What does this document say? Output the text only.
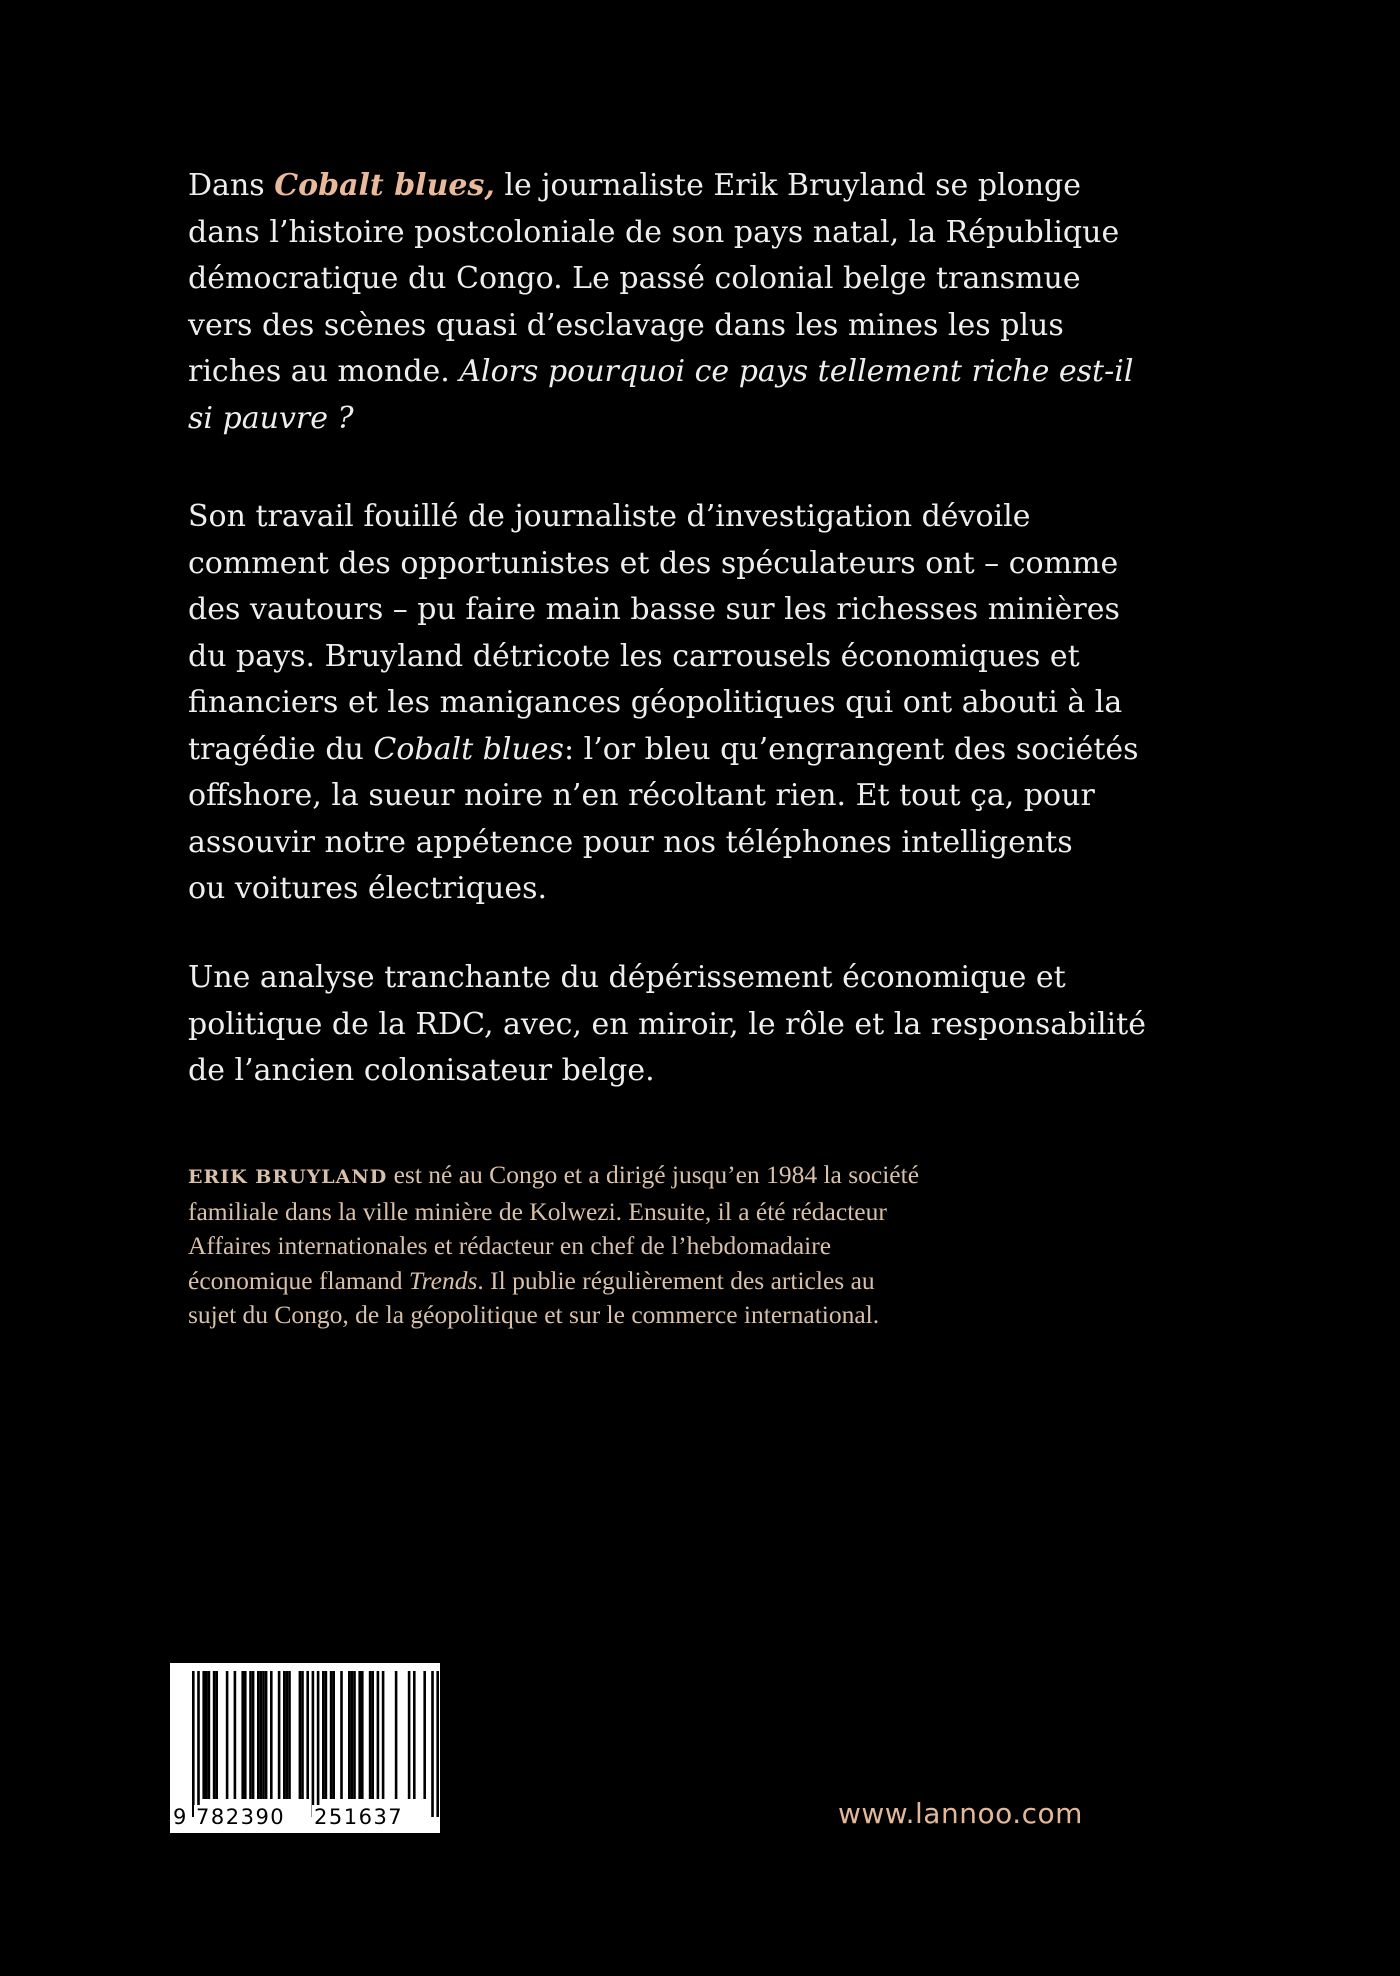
Dans Cobalt blues, le journaliste Erik Bruyland se plonge
dans l’histoire postcoloniale de son pays natal, la République
démocratique du Congo. Le passé colonial belge transmue
vers des scènes quasi d’esclavage dans les mines les plus
riches au monde. Alors pourquoi ce pays tellement riche est-il
si pauvre ?
Son travail fouillé de journaliste d’investigation dévoile
comment des opportunistes et des spéculateurs ont – comme
des vautours – pu faire main basse sur les richesses minières
du pays. Bruyland détricote les carrousels économiques et
financiers et les manigances géopolitiques qui ont abouti à la
tragédie du Cobalt blues: l’or bleu qu’engrangent des sociétés
offshore, la sueur noire n’en récoltant rien. Et tout ça, pour
assouvir notre appétence pour nos téléphones intelligents
ou voitures électriques.
Une analyse tranchante du dépérissement économique et
politique de la RDC, avec, en miroir, le rôle et la responsabilité
de l’ancien colonisateur belge.
ERIK BRUYLAND est né au Congo et a dirigé jusqu’en 1984 la société
familiale dans la ville minière de Kolwezi. Ensuite, il a été rédacteur
Affaires internationales et rédacteur en chef de l’hebdomadaire
économique flamand Trends. Il publie régulièrement des articles au
sujet du Congo, de la géopolitique et sur le commerce international.
9 782390 251637	www.lannoo.com
